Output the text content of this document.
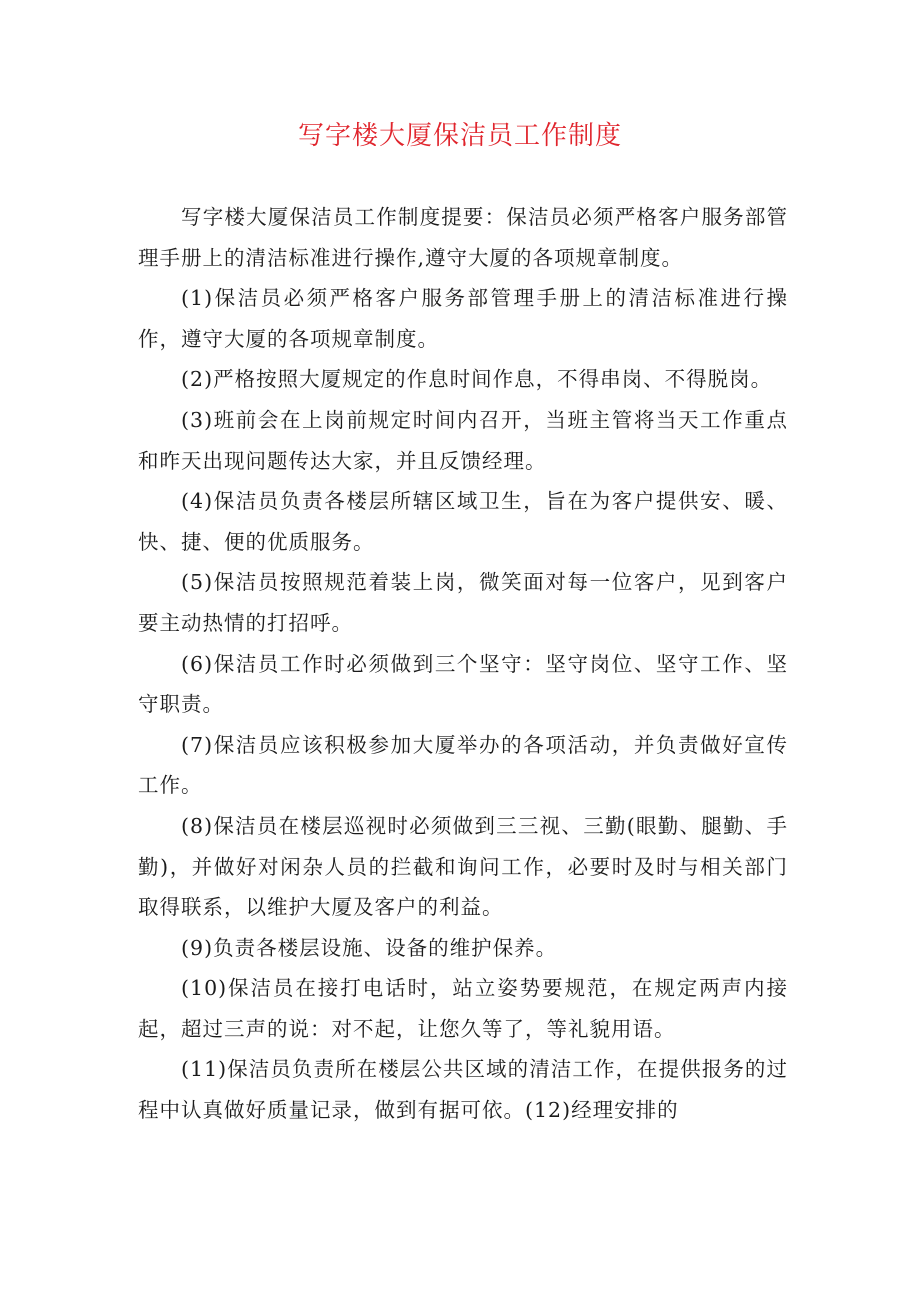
写字楼大厦保洁员工作制度

写字楼大厦保洁员工作制度提要：保洁员必须严格客户服务部管理手册上的清洁标准进行操作,遵守大厦的各项规章制度。

(1)保洁员必须严格客户服务部管理手册上的清洁标准进行操作，遵守大厦的各项规章制度。

(2)严格按照大厦规定的作息时间作息，不得串岗、不得脱岗。

(3)班前会在上岗前规定时间内召开，当班主管将当天工作重点和昨天出现问题传达大家，并且反馈经理。

(4)保洁员负责各楼层所辖区域卫生，旨在为客户提供安、暖、快、捷、便的优质服务。

(5)保洁员按照规范着装上岗，微笑面对每一位客户，见到客户要主动热情的打招呼。

(6)保洁员工作时必须做到三个坚守：坚守岗位、坚守工作、坚守职责。

(7)保洁员应该积极参加大厦举办的各项活动，并负责做好宣传工作。

(8)保洁员在楼层巡视时必须做到三三视、三勤(眼勤、腿勤、手勤)，并做好对闲杂人员的拦截和询问工作，必要时及时与相关部门取得联系，以维护大厦及客户的利益。

(9)负责各楼层设施、设备的维护保养。

(10)保洁员在接打电话时，站立姿势要规范，在规定两声内接起，超过三声的说：对不起，让您久等了，等礼貌用语。

(11)保洁员负责所在楼层公共区域的清洁工作，在提供报务的过程中认真做好质量记录，做到有据可依。(12)经理安排的
